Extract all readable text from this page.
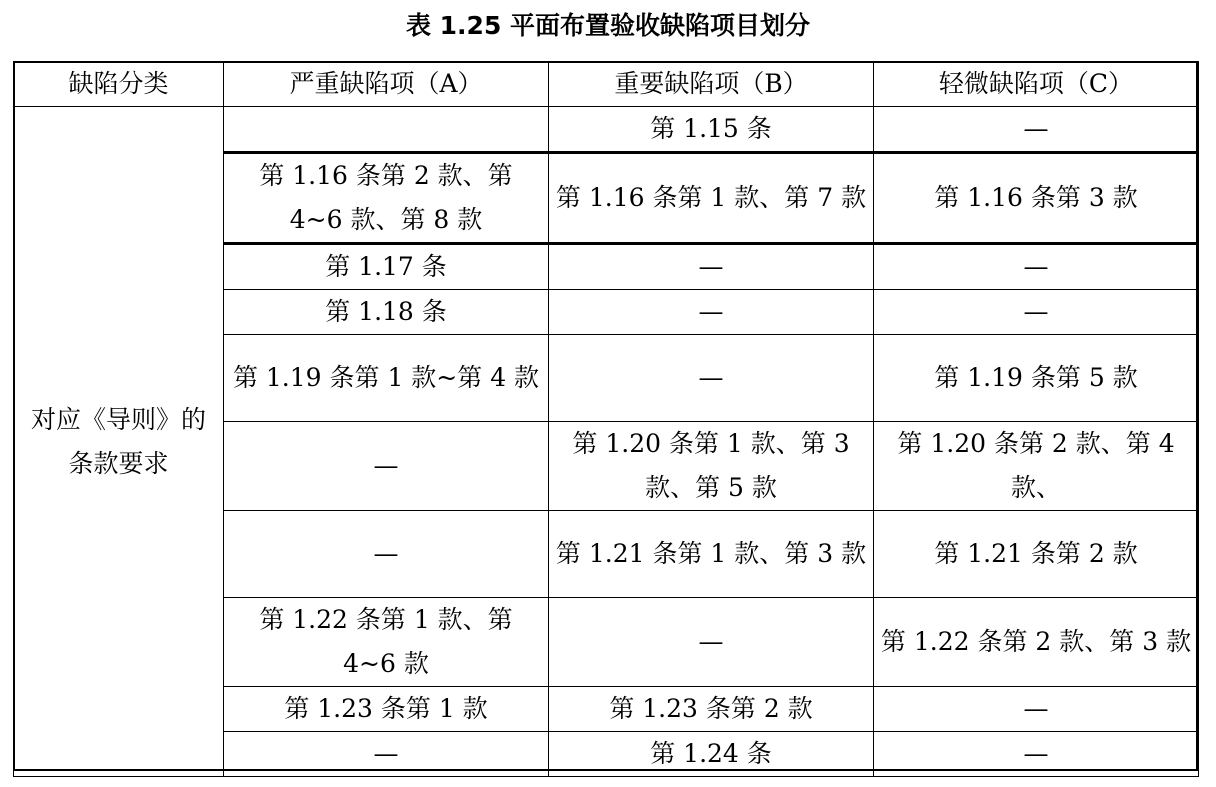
表 1.25 平面布置验收缺陷项目划分
缺陷分类	严重缺陷项（A）	重要缺陷项（B）	轻微缺陷项（C）
对应《导则》的条款要求		第 1.15 条	—
	第 1.16 条第 2 款、第 4~6 款、第 8 款	第 1.16 条第 1 款、第 7 款	第 1.16 条第 3 款
	第 1.17 条	—	—
	第 1.18 条	—	—
	第 1.19 条第 1 款~第 4 款	—	第 1.19 条第 5 款
	—	第 1.20 条第 1 款、第 3 款、第 5 款	第 1.20 条第 2 款、第 4 款、
	—	第 1.21 条第 1 款、第 3 款	第 1.21 条第 2 款
	第 1.22 条第 1 款、第 4~6 款	—	第 1.22 条第 2 款、第 3 款
	第 1.23 条第 1 款	第 1.23 条第 2 款	—
	—	第 1.24 条	—
